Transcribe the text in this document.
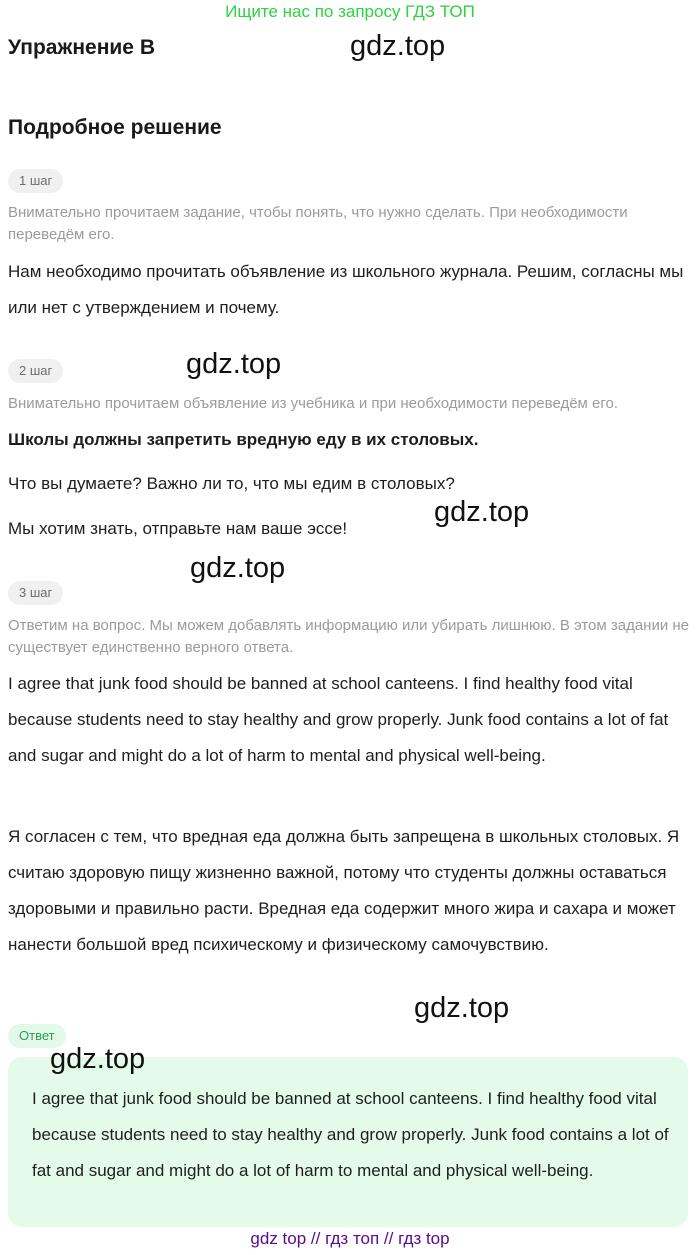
Ищите нас по запросу ГДЗ ТОП
Упражнение B	gdz.top
Подробное решение
1 шаг
Внимательно прочитаем задание, чтобы понять, что нужно сделать. При необходимости переведём его.
Нам необходимо прочитать объявление из школьного журнала. Решим, согласны мы или нет с утверждением и почему.
2 шаг	gdz.top
Внимательно прочитаем объявление из учебника и при необходимости переведём его.
Школы должны запретить вредную еду в их столовых.
Что вы думаете? Важно ли то, что мы едим в столовых?
Мы хотим знать, отправьте нам ваше эссе!
gdz.top
gdz.top
3 шаг
Ответим на вопрос. Мы можем добавлять информацию или убирать лишнюю. В этом задании не существует единственно верного ответа.
I agree that junk food should be banned at school canteens. I find healthy food vital because students need to stay healthy and grow properly. Junk food contains a lot of fat and sugar and might do a lot of harm to mental and physical well-being.
Я согласен с тем, что вредная еда должна быть запрещена в школьных столовых. Я считаю здоровую пищу жизненно важной, потому что студенты должны оставаться здоровыми и правильно расти. Вредная еда содержит много жира и сахара и может нанести большой вред психическому и физическому самочувствию.
gdz.top
Ответ
gdz.top
I agree that junk food should be banned at school canteens. I find healthy food vital because students need to stay healthy and grow properly. Junk food contains a lot of fat and sugar and might do a lot of harm to mental and physical well-being.
gdz top // гдз топ // гдз top
